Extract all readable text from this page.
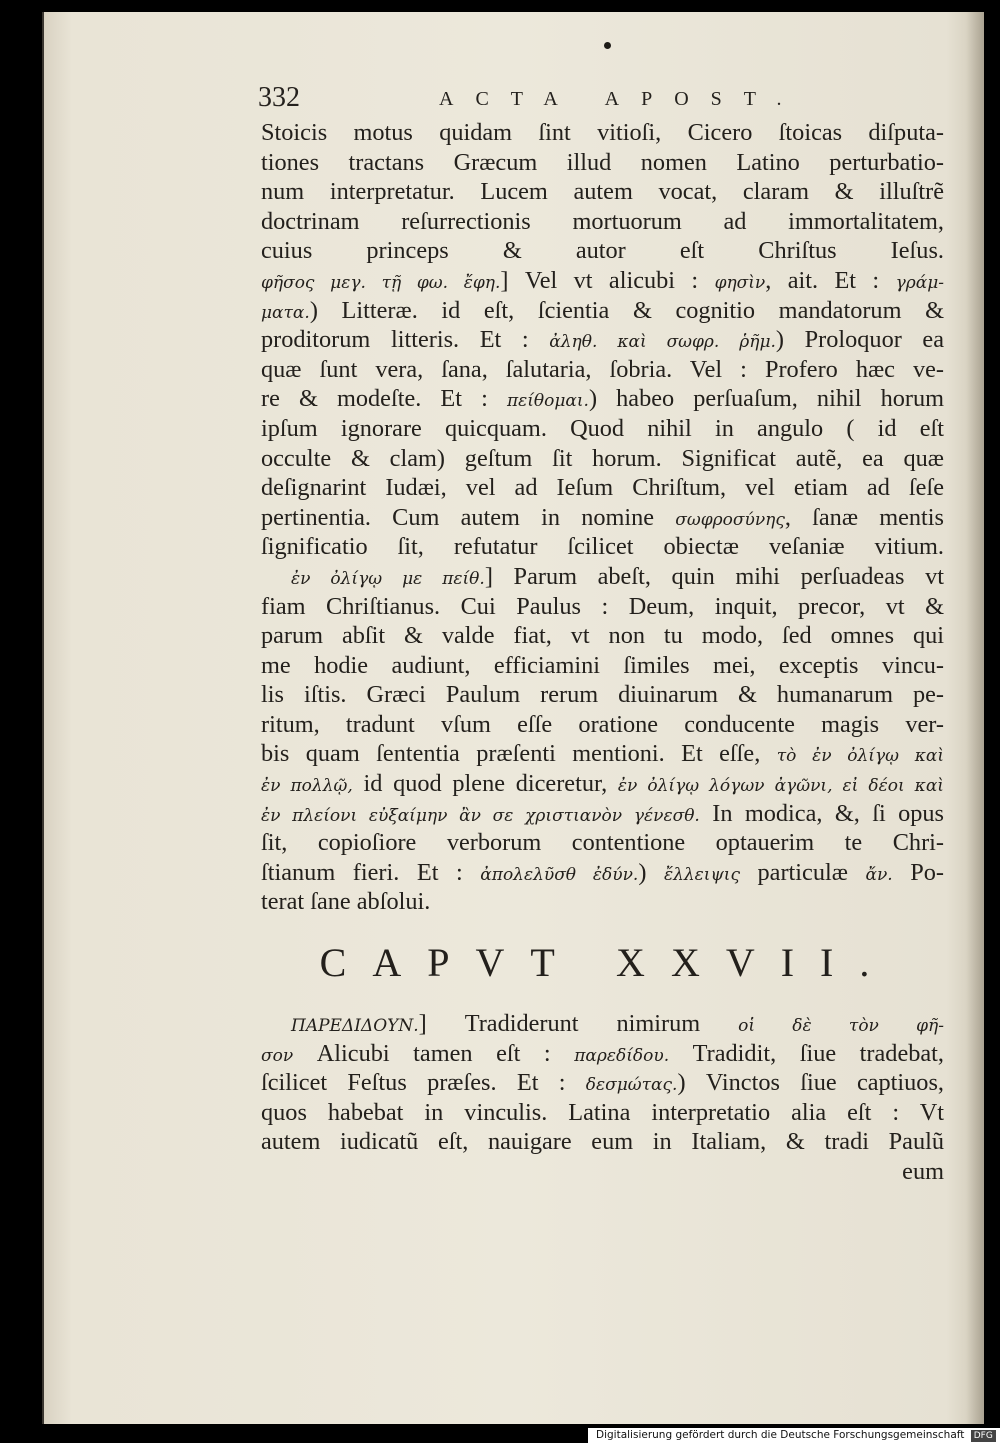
332	ACTA APOST.
Stoicis motus quidam ſint vitioſi, Cicero ſtoicas diſputa-
tiones tractans Græcum illud nomen Latino perturbatio-
num interpretatur. Lucem autem vocat, claram & illuſtrẽ
doctrinam reſurrectionis mortuorum ad immortalitatem,
cuius princeps & autor eſt Chriſtus Ieſus.
φῆσος μεγ. τῇ φω. ἔφη.] Vel vt alicubi : φησὶν, ait. Et : γράμ-
ματα.) Litteræ. id eſt, ſcientia & cognitio mandatorum &
proditorum litteris. Et : ἀληθ. καὶ σωφρ. ῥῆμ.) Proloquor ea
quæ ſunt vera, ſana, ſalutaria, ſobria. Vel : Profero hæc ve-
re & modeſte. Et : πείθομαι.) habeo perſuaſum, nihil horum
ipſum ignorare quicquam. Quod nihil in angulo ( id eſt
occulte & clam) geſtum ſit horum. Significat autẽ, ea quæ
deſignarint Iudæi, vel ad Ieſum Chriſtum, vel etiam ad ſeſe
pertinentia. Cum autem in nomine σωφροσύνης, ſanæ mentis
ſignificatio ſit, refutatur ſcilicet obiectæ veſaniæ vitium.
ἐν ὀλίγῳ με πείθ.] Parum abeſt, quin mihi perſuadeas vt
fiam Chriſtianus. Cui Paulus : Deum, inquit, precor, vt &
parum abſit & valde fiat, vt non tu modo, ſed omnes qui
me hodie audiunt, efficiamini ſimiles mei, exceptis vincu-
lis iſtis. Græci Paulum rerum diuinarum & humanarum pe-
ritum, tradunt vſum eſſe oratione conducente magis ver-
bis quam ſententia præſenti mentioni. Et eſſe, τὸ ἐν ὀλίγῳ καὶ
ἐν πολλῷ, id quod plene diceretur, ἐν ὀλίγῳ λόγων ἀγῶνι, εἰ δέοι καὶ
ἐν πλείονι εὐξαίμην ἂν σε χριστιανὸν γένεσθ. In modica, &, ſi opus
ſit, copioſiore verborum contentione optauerim te Chri-
ſtianum fieri. Et : ἀπολελῦσθ ἐδύν.) ἔλλειψις particulæ ἄν. Po-
terat ſane abſolui.
CAPVT XXVII.
ΠΑΡΕΔΙΔΟΥΝ.] Tradiderunt nimirum οἱ δὲ τὸν φῆ-
σον Alicubi tamen eſt : παρεδίδου. Tradidit, ſiue tradebat,
ſcilicet Feſtus præſes. Et : δεσμώτας.) Vinctos ſiue captiuos,
quos habebat in vinculis. Latina interpretatio alia eſt : Vt
autem iudicatũ eſt, nauigare eum in Italiam, & tradi Paulũ
eum
Digitalisierung gefördert durch die Deutsche Forschungsgemeinschaft DFG
